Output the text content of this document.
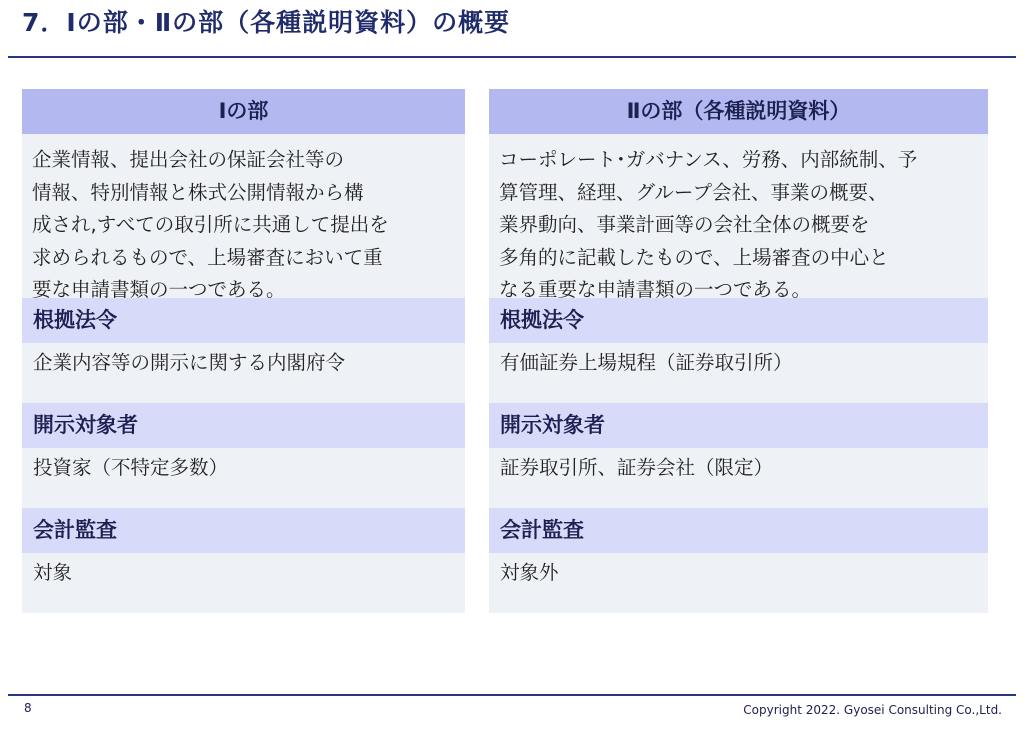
7．Ⅰの部・Ⅱの部（各種説明資料）の概要
Ⅰの部
企業情報、提出会社の保証会社等の
情報、特別情報と株式公開情報から構
成され,すべての取引所に共通して提出を
求められるもので、上場審査において重
要な申請書類の一つである。
根拠法令
企業内容等の開示に関する内閣府令
開示対象者
投資家（不特定多数）
会計監査
対象
Ⅱの部（各種説明資料）
コーポレート･ガバナンス、労務、内部統制、予
算管理、経理、グループ会社、事業の概要、
業界動向、事業計画等の会社全体の概要を
多角的に記載したもので、上場審査の中心と
なる重要な申請書類の一つである。
根拠法令
有価証券上場規程（証券取引所）
開示対象者
証券取引所、証券会社（限定）
会計監査
対象外
8	Copyright 2022. Gyosei Consulting Co.,Ltd.
